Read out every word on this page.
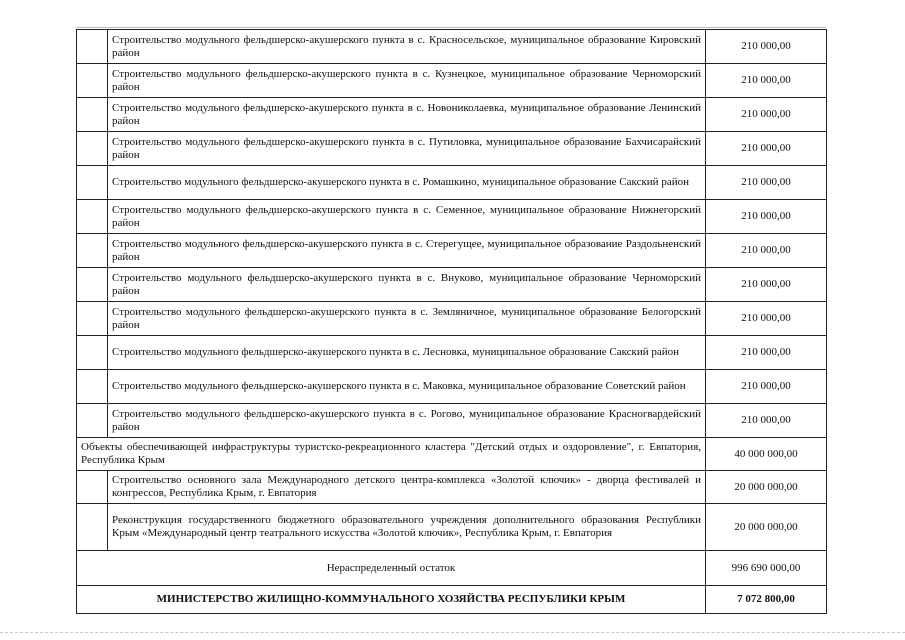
	Строительство модульного фельдшерско-акушерского пункта в с. Красносельское, муниципальное образование Кировский район	210 000,00
	Строительство модульного фельдшерско-акушерского пункта в с. Кузнецкое, муниципальное образование Черноморский район	210 000,00
	Строительство модульного фельдшерско-акушерского пункта в с. Новониколаевка, муниципальное образование Ленинский район	210 000,00
	Строительство модульного фельдшерско-акушерского пункта в с. Путиловка, муниципальное образование Бахчисарайский район	210 000,00
	Строительство модульного фельдшерско-акушерского пункта в с. Ромашкино, муниципальное образование Сакский район	210 000,00
	Строительство модульного фельдшерско-акушерского пункта в с. Семенное, муниципальное образование Нижнегорский район	210 000,00
	Строительство модульного фельдшерско-акушерского пункта в с. Стерегущее, муниципальное образование Раздольненский район	210 000,00
	Строительство модульного фельдшерско-акушерского пункта в с. Внуково, муниципальное образование Черноморский район	210 000,00
	Строительство модульного фельдшерско-акушерского пункта в с. Земляничное, муниципальное образование Белогорский район	210 000,00
	Строительство модульного фельдшерско-акушерского пункта в с. Лесновка, муниципальное образование Сакский район	210 000,00
	Строительство модульного фельдшерско-акушерского пункта в с. Маковка, муниципальное образование Советский район	210 000,00
	Строительство модульного фельдшерско-акушерского пункта в с. Рогово, муниципальное образование Красногвардейский район	210 000,00
Объекты обеспечивающей инфраструктуры туристско-рекреационного кластера "Детский отдых и оздоровление", г. Евпатория, Республика Крым		40 000 000,00
	Строительство основного зала Международного детского центра-комплекса «Золотой ключик» - дворца фестивалей и конгрессов, Республика Крым, г. Евпатория	20 000 000,00
	Реконструкция государственного бюджетного образовательного учреждения дополнительного образования Республики Крым «Международный центр театрального искусства «Золотой ключик», Республика Крым, г. Евпатория	20 000 000,00
Нераспределенный остаток		996 690 000,00
МИНИСТЕРСТВО ЖИЛИЩНО-КОММУНАЛЬНОГО ХОЗЯЙСТВА РЕСПУБЛИКИ КРЫМ		7 072 800,00
